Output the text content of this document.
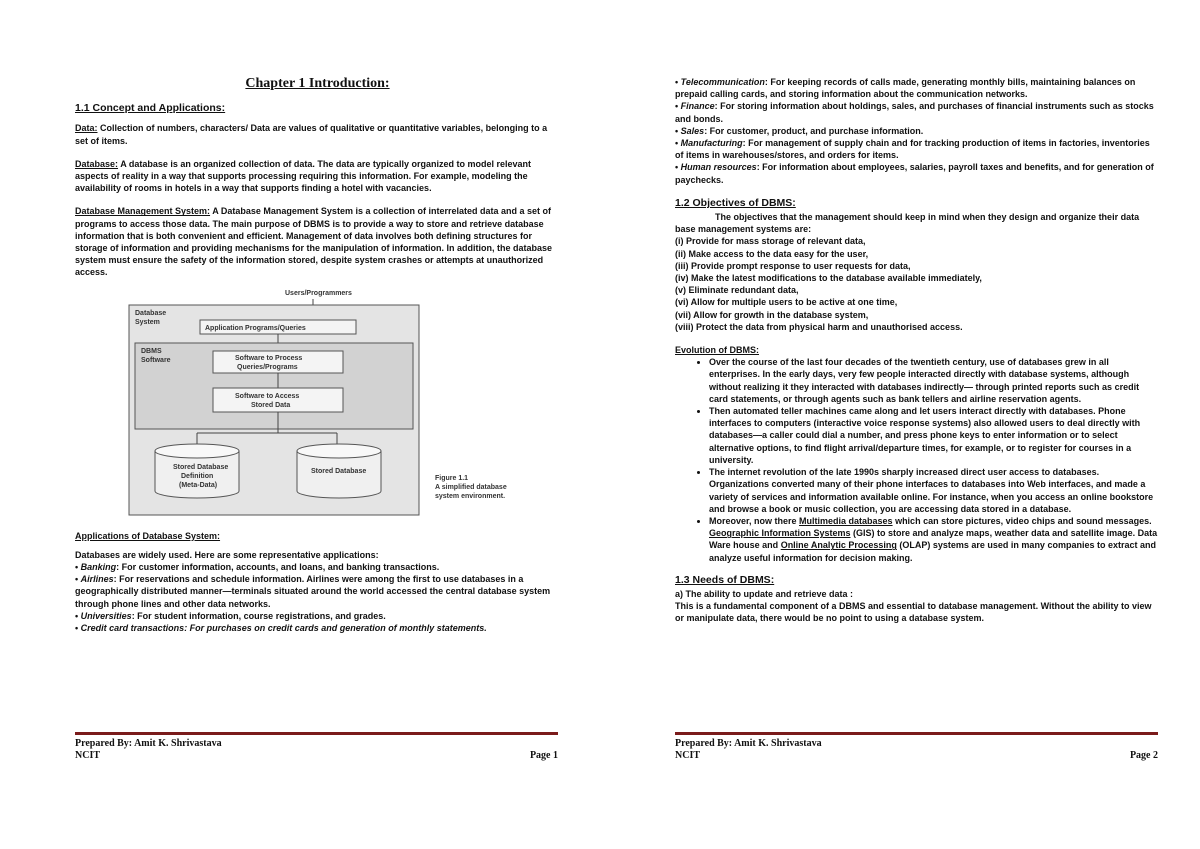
Chapter 1 Introduction:

1.1 Concept and Applications:

Data: Collection of numbers, characters/ Data are values of qualitative or quantitative variables, belonging to a set of items.

Database: A database is an organized collection of data. The data are typically organized to model relevant aspects of reality in a way that supports processing requiring this information. For example, modeling the availability of rooms in hotels in a way that supports finding a hotel with vacancies.

Database Management System: A Database Management System is a collection of interrelated data and a set of programs to access those data. The main purpose of DBMS is to provide a way to store and retrieve database information that is both convenient and efficient. Management of data involves both defining structures for storage of information and providing mechanisms for the manipulation of information. In addition, the database system must ensure the safety of the information stored, despite system crashes or attempts at unauthorized access.

Users/Programmers
Database
System
Application Programs/Queries
DBMS
Software	Software to Process
Queries/Programs
Software to Access
Stored Data
Stored Database
Definition
(Meta-Data)
Stored Database
Figure 1.1
A simplified database
system environment.

Applications of Database System:

Databases are widely used. Here are some representative applications:

• Banking: For customer information, accounts, and loans, and banking transactions.

• Airlines: For reservations and schedule information. Airlines were among the first to use databases in a geographically distributed manner—terminals situated around the world accessed the central database system through phone lines and other data networks.

• Universities: For student information, course registrations, and grades.

• Credit card transactions: For purchases on credit cards and generation of monthly statements.

Prepared By: Amit K. Shrivastava
NCIT	Page 1

• Telecommunication: For keeping records of calls made, generating monthly bills, maintaining balances on prepaid calling cards, and storing information about the communication networks.

• Finance: For storing information about holdings, sales, and purchases of financial instruments such as stocks and bonds.

• Sales: For customer, product, and purchase information.

• Manufacturing: For management of supply chain and for tracking production of items in factories, inventories of items in warehouses/stores, and orders for items.

• Human resources: For information about employees, salaries, payroll taxes and benefits, and for generation of paychecks.

1.2 Objectives of DBMS:

The objectives that the management should keep in mind when they design and organize their data base management systems are:

(i) Provide for mass storage of relevant data,

(ii) Make access to the data easy for the user,

(iii) Provide prompt response to user requests for data,

(iv) Make the latest modifications to the database available immediately,

(v) Eliminate redundant data,

(vi) Allow for multiple users to be active at one time,

(vii) Allow for growth in the database system,

(viii) Protect the data from physical harm and unauthorised access.

Evolution of DBMS:

• Over the course of the last four decades of the twentieth century, use of databases grew in all enterprises. In the early days, very few people interacted directly with database systems, although without realizing it they interacted with databases indirectly— through printed reports such as credit card statements, or through agents such as bank tellers and airline reservation agents.
• Then automated teller machines came along and let users interact directly with databases. Phone interfaces to computers (interactive voice response systems) also allowed users to deal directly with databases—a caller could dial a number, and press phone keys to enter information or to select alternative options, to find flight arrival/departure times, for example, or to register for courses in a university.
• The internet revolution of the late 1990s sharply increased direct user access to databases. Organizations converted many of their phone interfaces to databases into Web interfaces, and made a variety of services and information available online. For instance, when you access an online bookstore and browse a book or music collection, you are accessing data stored in a database.
• Moreover, now there Multimedia databases which can store pictures, video chips and sound messages. Geographic Information Systems (GIS) to store and analyze maps, weather data and satellite image. Data Ware house and Online Analytic Processing (OLAP) systems are used in many companies to extract and analyze useful information for decision making.

1.3 Needs of DBMS:

a) The ability to update and retrieve data :

This is a fundamental component of a DBMS and essential to database management. Without the ability to view or manipulate data, there would be no point to using a database system.

Prepared By: Amit K. Shrivastava
NCIT	Page 2
